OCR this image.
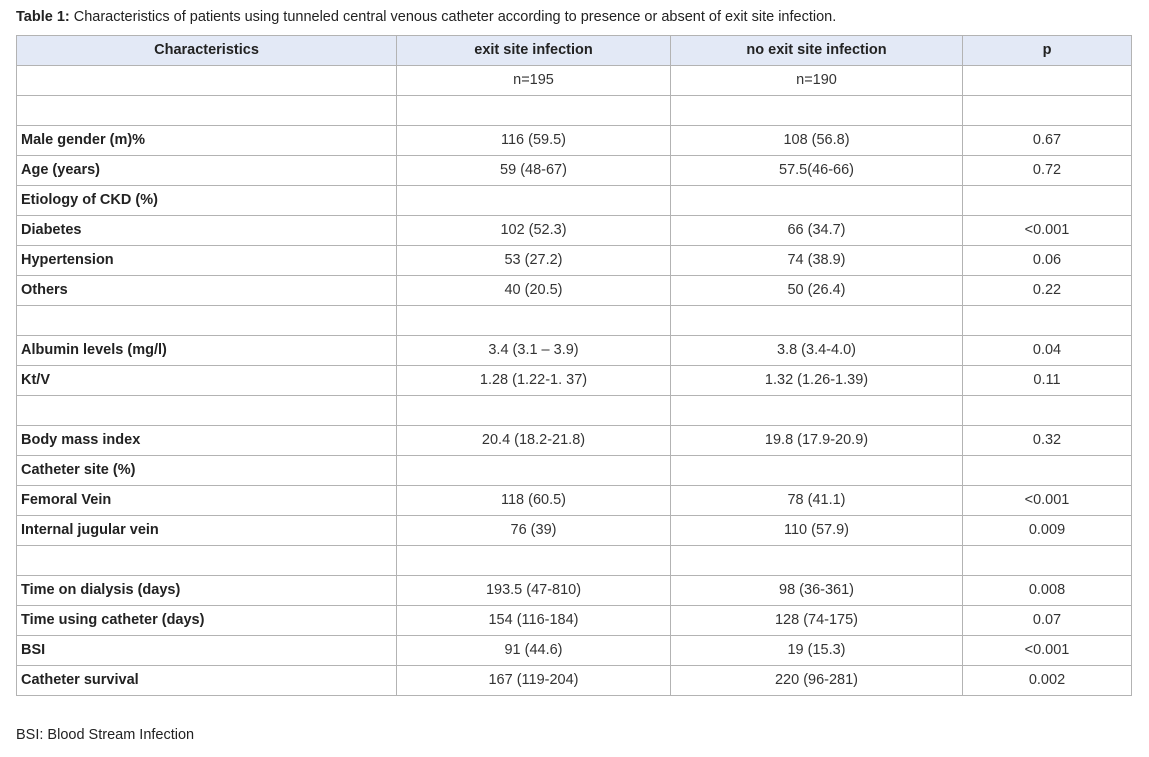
Table 1: Characteristics of patients using tunneled central venous catheter according to presence or absent of exit site infection.
Characteristics	exit site infection	no exit site infection	p
	n=195	n=190	

Male gender (m)%	116 (59.5)	108 (56.8)	0.67
Age (years)	59 (48-67)	57.5(46-66)	0.72
Etiology of CKD (%)			
Diabetes	102 (52.3)	66 (34.7)	<0.001
Hypertension	53 (27.2)	74 (38.9)	0.06
Others	40 (20.5)	50 (26.4)	0.22

Albumin levels (mg/l)	3.4 (3.1 – 3.9)	3.8 (3.4-4.0)	0.04
Kt/V	1.28 (1.22-1. 37)	1.32 (1.26-1.39)	0.11

Body mass index	20.4 (18.2-21.8)	19.8 (17.9-20.9)	0.32
Catheter site (%)			
Femoral Vein	118 (60.5)	78 (41.1)	<0.001
Internal jugular vein	76 (39)	110 (57.9)	0.009

Time on dialysis (days)	193.5 (47-810)	98 (36-361)	0.008
Time using catheter (days)	154 (116-184)	128 (74-175)	0.07
BSI	91 (44.6)	19 (15.3)	<0.001
Catheter survival	167 (119-204)	220 (96-281)	0.002
BSI: Blood Stream Infection
